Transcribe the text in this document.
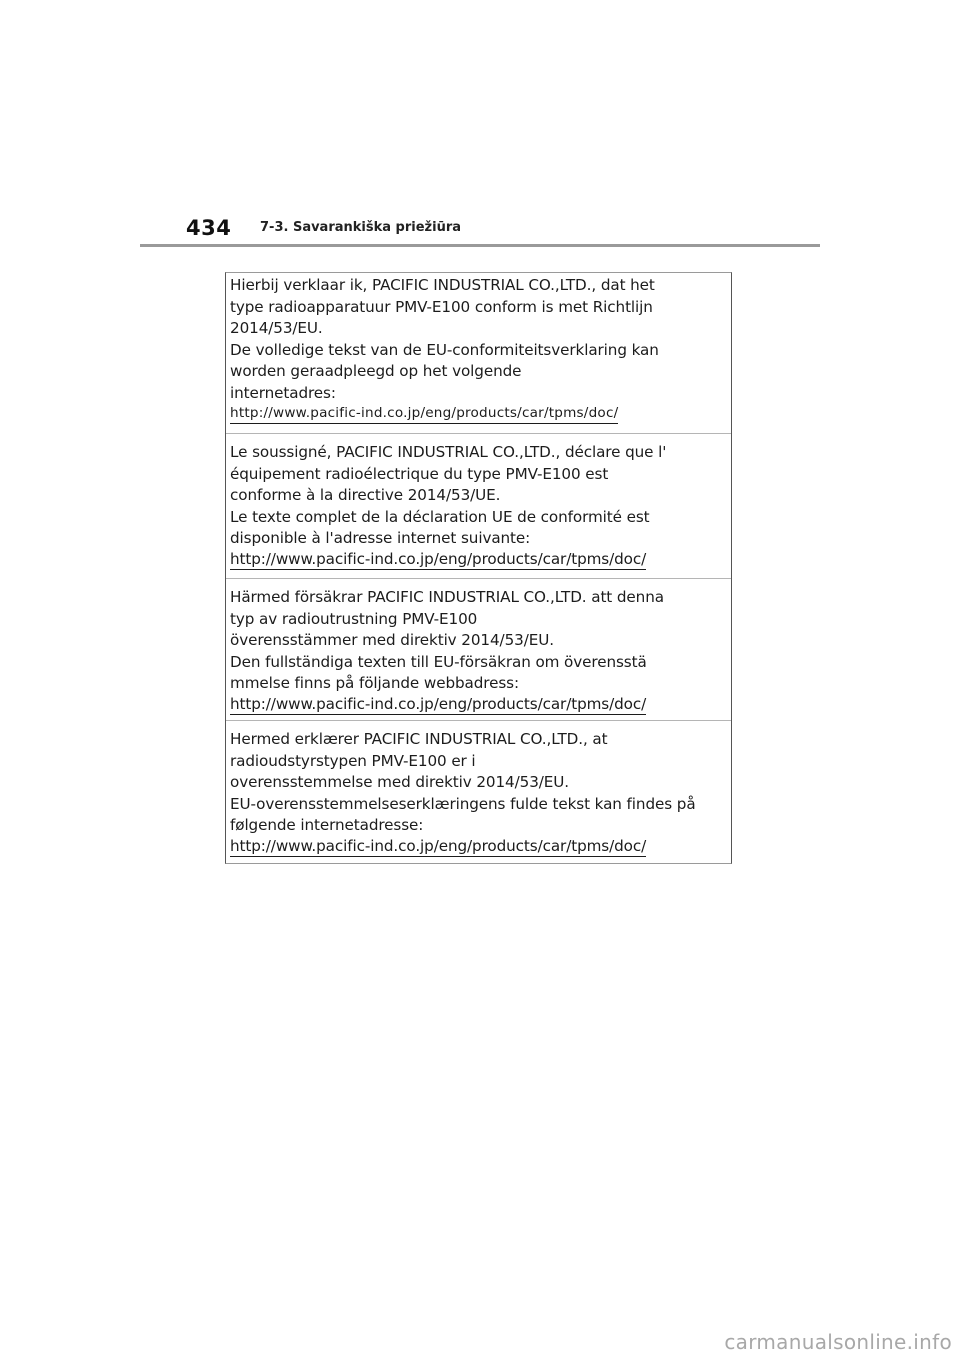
434 7-3. Savarankiška priežiūra
Hierbij verklaar ik, PACIFIC INDUSTRIAL CO.,LTD., dat het
type radioapparatuur PMV-E100 conform is met Richtlijn
2014/53/EU.
De volledige tekst van de EU-conformiteitsverklaring kan
worden geraadpleegd op het volgende
internetadres:
http://www.pacific-ind.co.jp/eng/products/car/tpms/doc/
Le soussigné, PACIFIC INDUSTRIAL CO.,LTD., déclare que l'
équipement radioélectrique du type PMV-E100 est
conforme à la directive 2014/53/UE.
Le texte complet de la déclaration UE de conformité est
disponible à l'adresse internet suivante:
http://www.pacific-ind.co.jp/eng/products/car/tpms/doc/
Härmed försäkrar PACIFIC INDUSTRIAL CO.,LTD. att denna
typ av radioutrustning PMV-E100
överensstämmer med direktiv 2014/53/EU.
Den fullständiga texten till EU-försäkran om överensstä
mmelse finns på följande webbadress:
http://www.pacific-ind.co.jp/eng/products/car/tpms/doc/
Hermed erklærer PACIFIC INDUSTRIAL CO.,LTD., at
radioudstyrstypen PMV-E100 er i
overensstemmelse med direktiv 2014/53/EU.
EU-overensstemmelseserklæringens fulde tekst kan findes på
følgende internetadresse:
http://www.pacific-ind.co.jp/eng/products/car/tpms/doc/
carmanualsonline.info
